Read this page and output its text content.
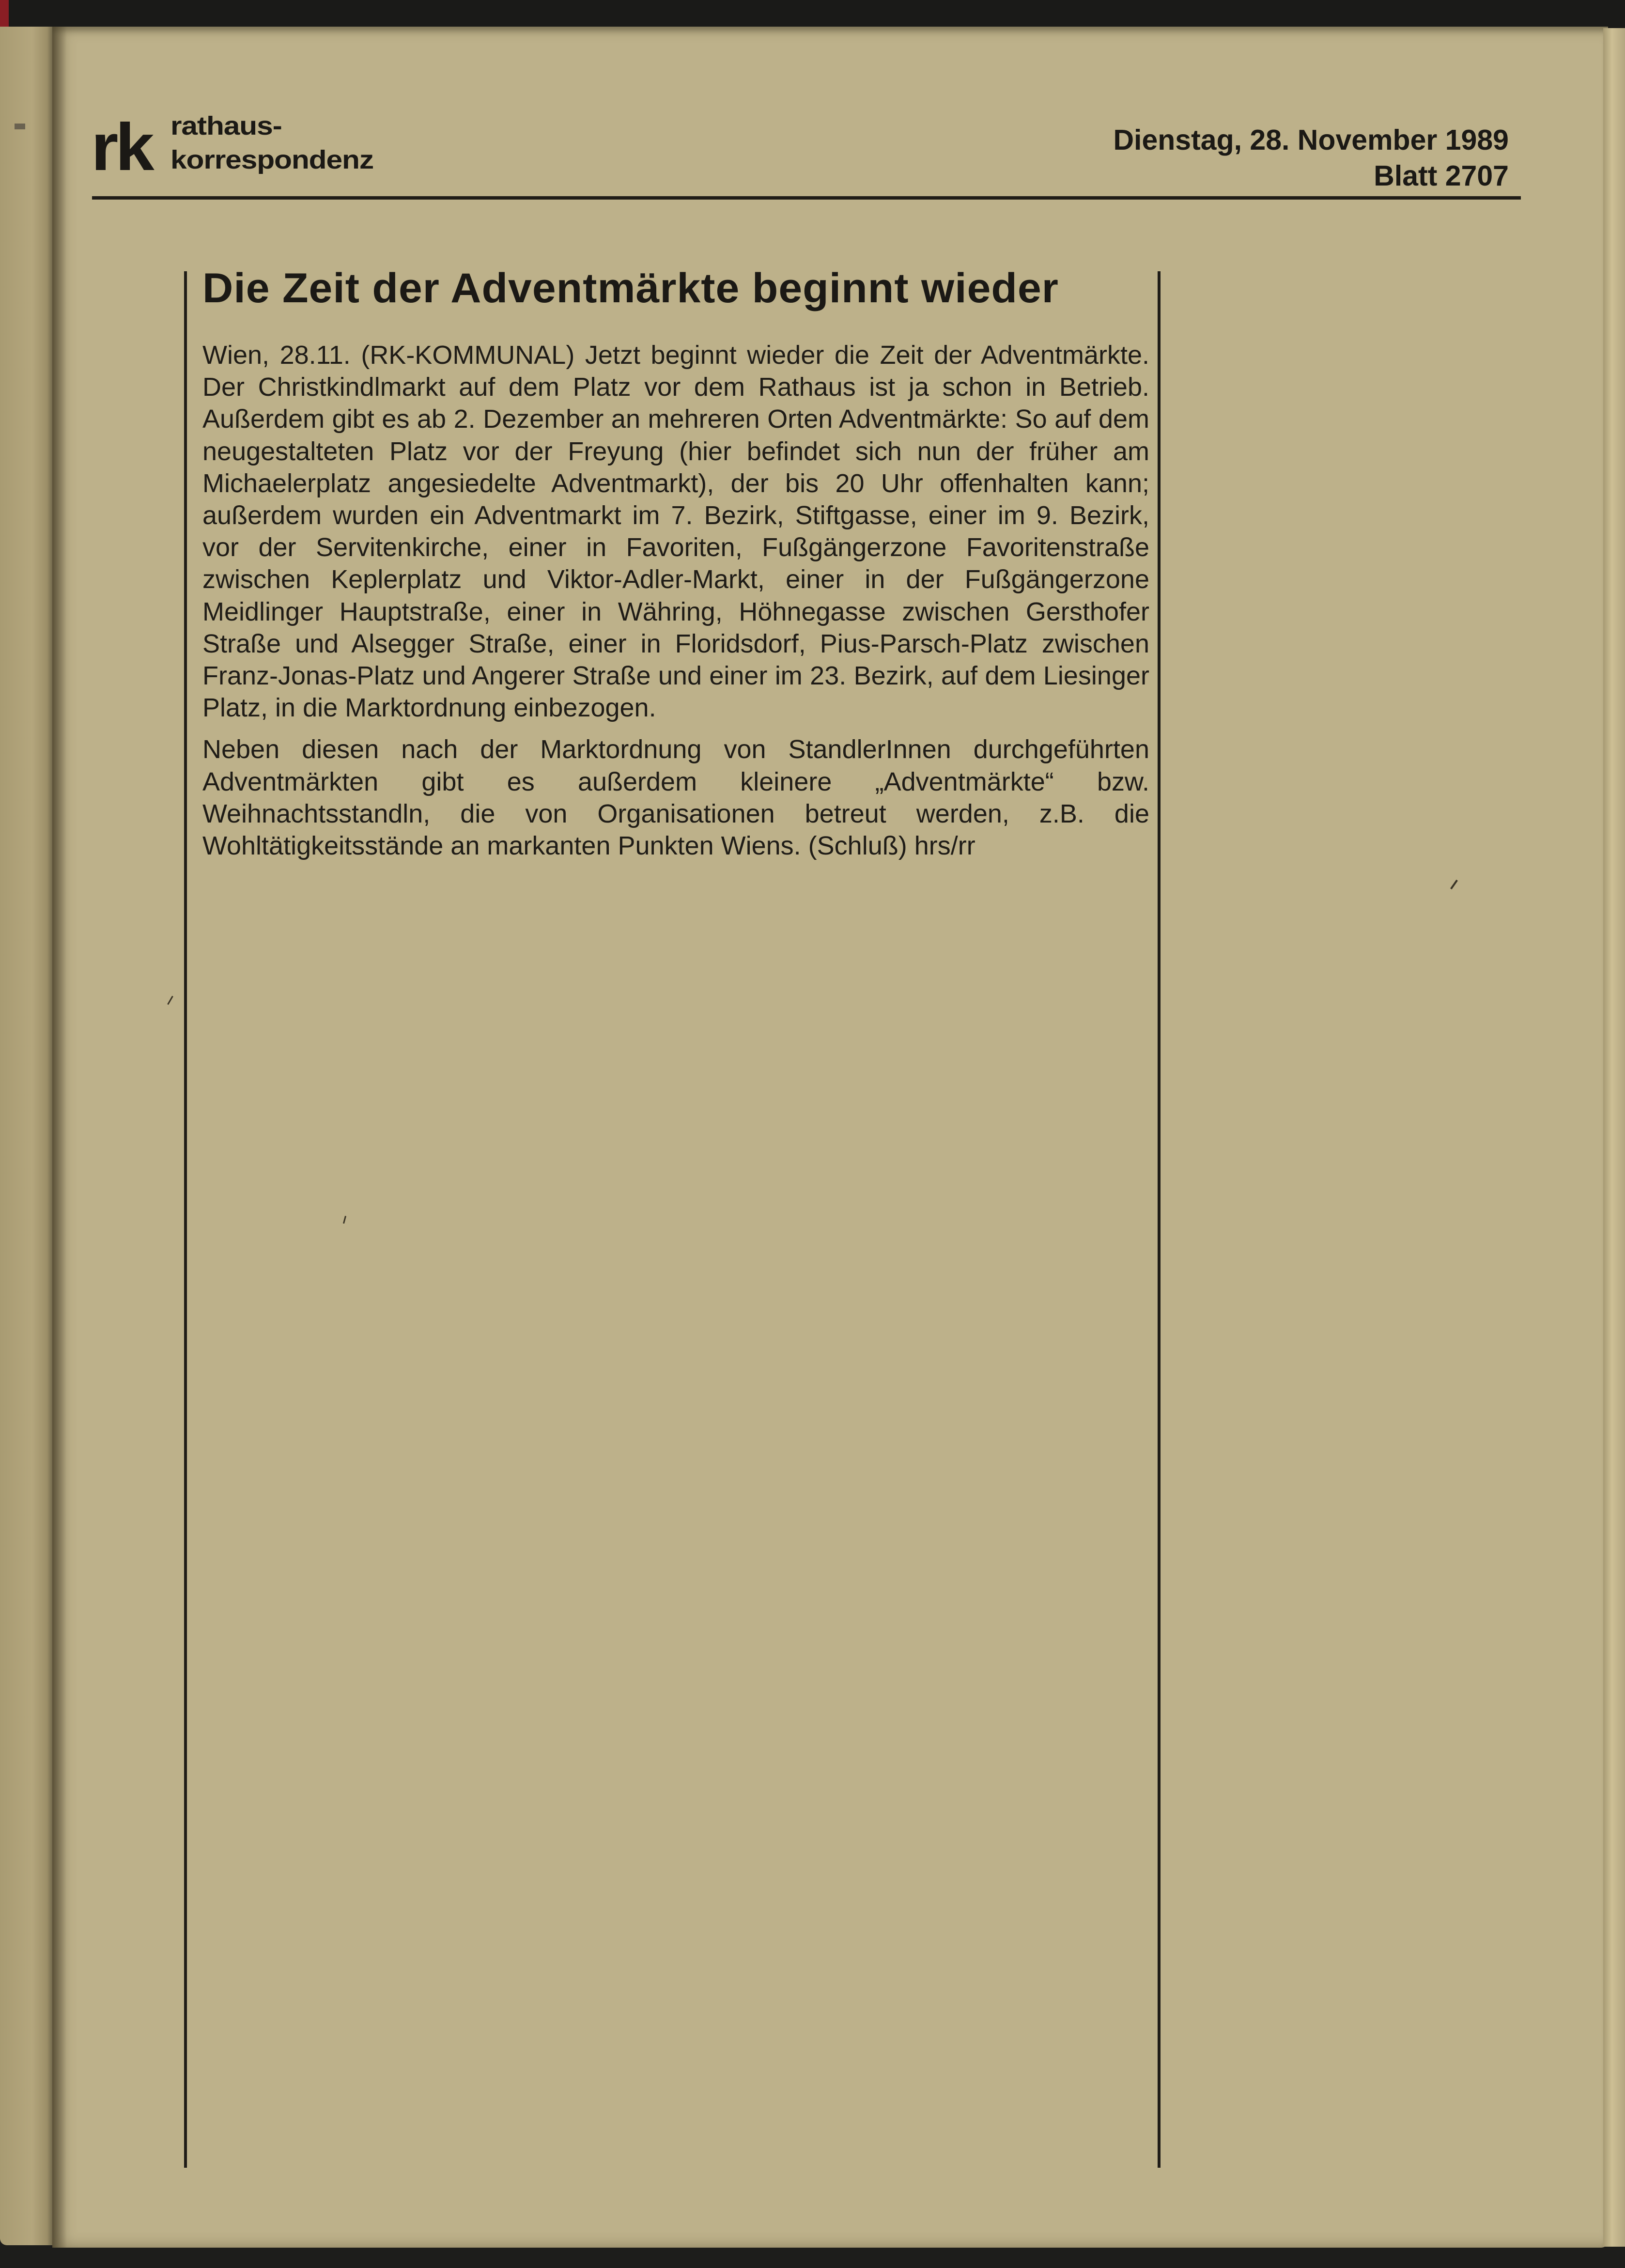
rk rathaus-
korrespondenz
Dienstag, 28. November 1989
Blatt 2707
Die Zeit der Adventmärkte beginnt wieder

Wien, 28.11. (RK-KOMMUNAL) Jetzt beginnt wieder die Zeit der Adventmärkte. Der Christkindlmarkt auf dem Platz vor dem Rathaus ist ja schon in Betrieb. Außerdem gibt es ab 2. Dezember an mehreren Orten Adventmärkte: So auf dem neugestalteten Platz vor der Freyung (hier befindet sich nun der früher am Michaelerplatz angesiedelte Adventmarkt), der bis 20 Uhr offenhalten kann; außerdem wurden ein Adventmarkt im 7. Bezirk, Stiftgasse, einer im 9. Bezirk, vor der Servitenkirche, einer in Favoriten, Fußgängerzone Favoritenstraße zwischen Keplerplatz und Viktor-Adler-Markt, einer in der Fußgängerzone Meidlinger Hauptstraße, einer in Währing, Höhnegasse zwischen Gersthofer Straße und Alsegger Straße, einer in Floridsdorf, Pius-Parsch-Platz zwischen Franz-Jonas-Platz und Angerer Straße und einer im 23. Bezirk, auf dem Liesinger Platz, in die Marktordnung einbezogen.

Neben diesen nach der Marktordnung von StandlerInnen durchgeführten Adventmärkten gibt es außerdem kleinere „Adventmärkte“ bzw. Weihnachtsstandln, die von Organisationen betreut werden, z.B. die Wohltätigkeitsstände an markanten Punkten Wiens. (Schluß) hrs/rr
